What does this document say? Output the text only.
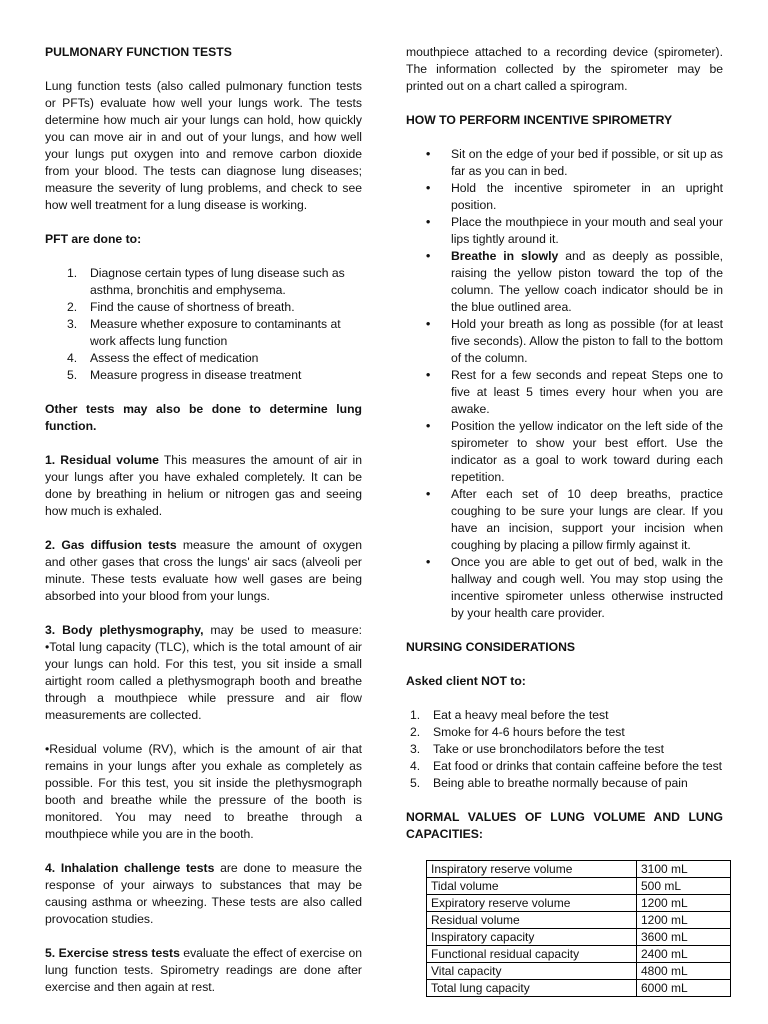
PULMONARY FUNCTION TESTS

Lung function tests (also called pulmonary function tests or PFTs) evaluate how well your lungs work. The tests determine how much air your lungs can hold, how quickly you can move air in and out of your lungs, and how well your lungs put oxygen into and remove carbon dioxide from your blood. The tests can diagnose lung diseases; measure the severity of lung problems, and check to see how well treatment for a lung disease is working.

PFT are done to:
1. Diagnose certain types of lung disease such as asthma, bronchitis and emphysema.
2. Find the cause of shortness of breath.
3. Measure whether exposure to contaminants at work affects lung function
4. Assess the effect of medication
5. Measure progress in disease treatment

Other tests may also be done to determine lung function.

1. Residual volume This measures the amount of air in your lungs after you have exhaled completely. It can be done by breathing in helium or nitrogen gas and seeing how much is exhaled.

2. Gas diffusion tests measure the amount of oxygen and other gases that cross the lungs' air sacs (alveoli per minute. These tests evaluate how well gases are being absorbed into your blood from your lungs.

3. Body plethysmography, may be used to measure: •Total lung capacity (TLC), which is the total amount of air your lungs can hold. For this test, you sit inside a small airtight room called a plethysmograph booth and breathe through a mouthpiece while pressure and air flow measurements are collected.

•Residual volume (RV), which is the amount of air that remains in your lungs after you exhale as completely as possible. For this test, you sit inside the plethysmograph booth and breathe while the pressure of the booth is monitored. You may need to breathe through a mouthpiece while you are in the booth.

4. Inhalation challenge tests are done to measure the response of your airways to substances that may be causing asthma or wheezing. These tests are also called provocation studies.

5. Exercise stress tests evaluate the effect of exercise on lung function tests. Spirometry readings are done after exercise and then again at rest.

mouthpiece attached to a recording device (spirometer). The information collected by the spirometer may be printed out on a chart called a spirogram.

HOW TO PERFORM INCENTIVE SPIROMETRY
• Sit on the edge of your bed if possible, or sit up as far as you can in bed.
• Hold the incentive spirometer in an upright position.
• Place the mouthpiece in your mouth and seal your lips tightly around it.
• Breathe in slowly and as deeply as possible, raising the yellow piston toward the top of the column. The yellow coach indicator should be in the blue outlined area.
• Hold your breath as long as possible (for at least five seconds). Allow the piston to fall to the bottom of the column.
• Rest for a few seconds and repeat Steps one to five at least 5 times every hour when you are awake.
• Position the yellow indicator on the left side of the spirometer to show your best effort. Use the indicator as a goal to work toward during each repetition.
• After each set of 10 deep breaths, practice coughing to be sure your lungs are clear. If you have an incision, support your incision when coughing by placing a pillow firmly against it.
• Once you are able to get out of bed, walk in the hallway and cough well. You may stop using the incentive spirometer unless otherwise instructed by your health care provider.
NURSING CONSIDERATIONS
Asked client NOT to:
1. Eat a heavy meal before the test
2. Smoke for 4-6 hours before the test
3. Take or use bronchodilators before the test
4. Eat food or drinks that contain caffeine before the test
5. Being able to breathe normally because of pain

NORMAL VALUES OF LUNG VOLUME AND LUNG CAPACITIES:

Inspiratory reserve volume	3100 mL
Tidal volume	500 mL
Expiratory reserve volume	1200 mL
Residual volume	1200 mL
Inspiratory capacity	3600 mL
Functional residual capacity	2400 mL
Vital capacity	4800 mL
Total lung capacity	6000 mL
